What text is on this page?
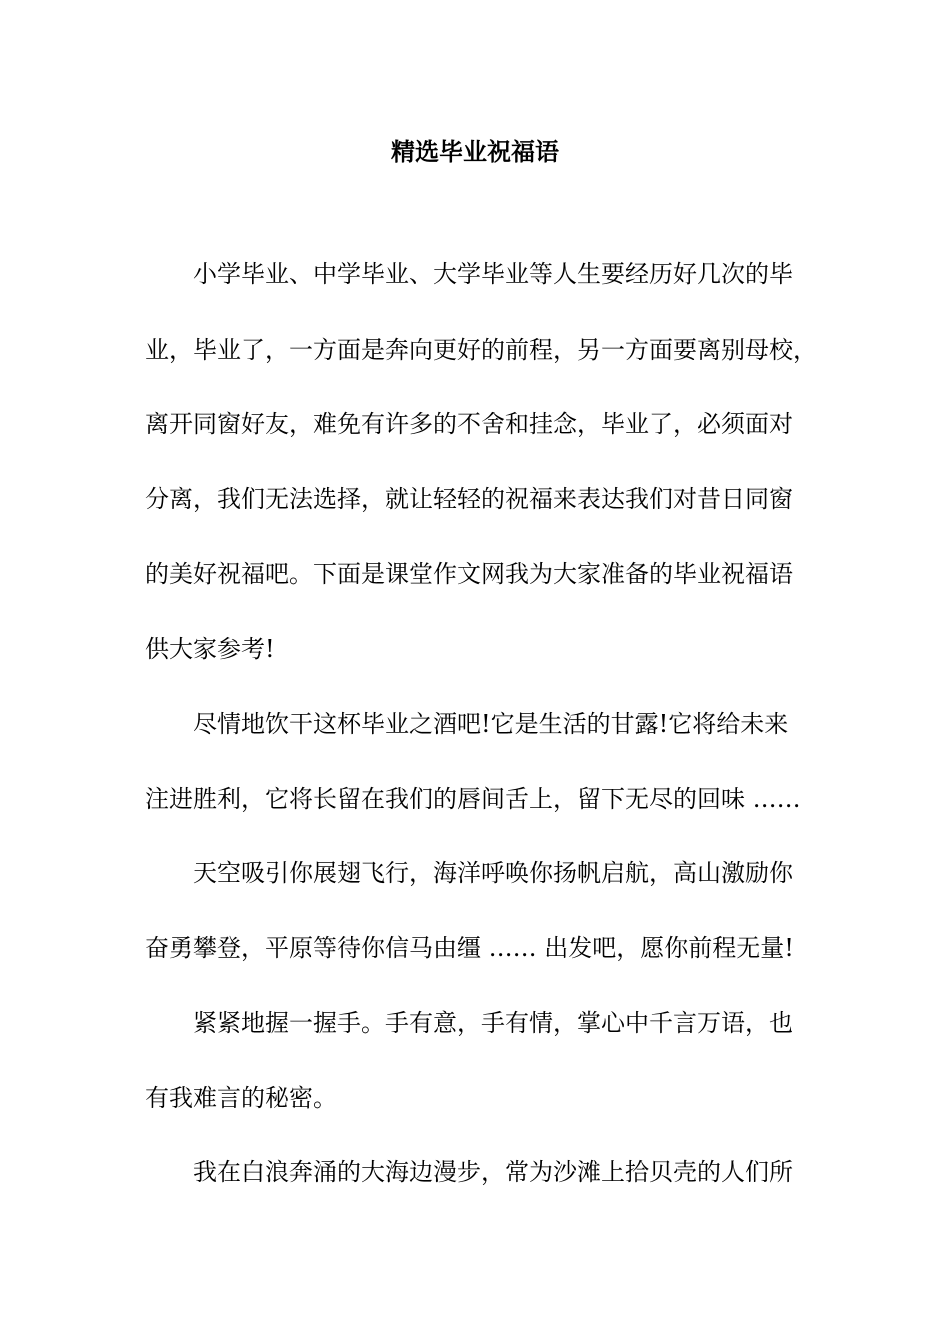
精选毕业祝福语
小学毕业、中学毕业、大学毕业等人生要经历好几次的毕
业，毕业了，一方面是奔向更好的前程，另一方面要离别母校，
离开同窗好友，难免有许多的不舍和挂念，毕业了，必须面对
分离，我们无法选择，就让轻轻的祝福来表达我们对昔日同窗
的美好祝福吧。下面是课堂作文网我为大家准备的毕业祝福语
供大家参考!
尽情地饮干这杯毕业之酒吧!它是生活的甘露!它将给未来
注进胜利，它将长留在我们的唇间舌上，留下无尽的回味 ……
天空吸引你展翅飞行，海洋呼唤你扬帆启航，高山激励你
奋勇攀登，平原等待你信马由缰 …… 出发吧，愿你前程无量!
紧紧地握一握手。手有意，手有情，掌心中千言万语，也
有我难言的秘密。
我在白浪奔涌的大海边漫步，常为沙滩上拾贝壳的人们所
